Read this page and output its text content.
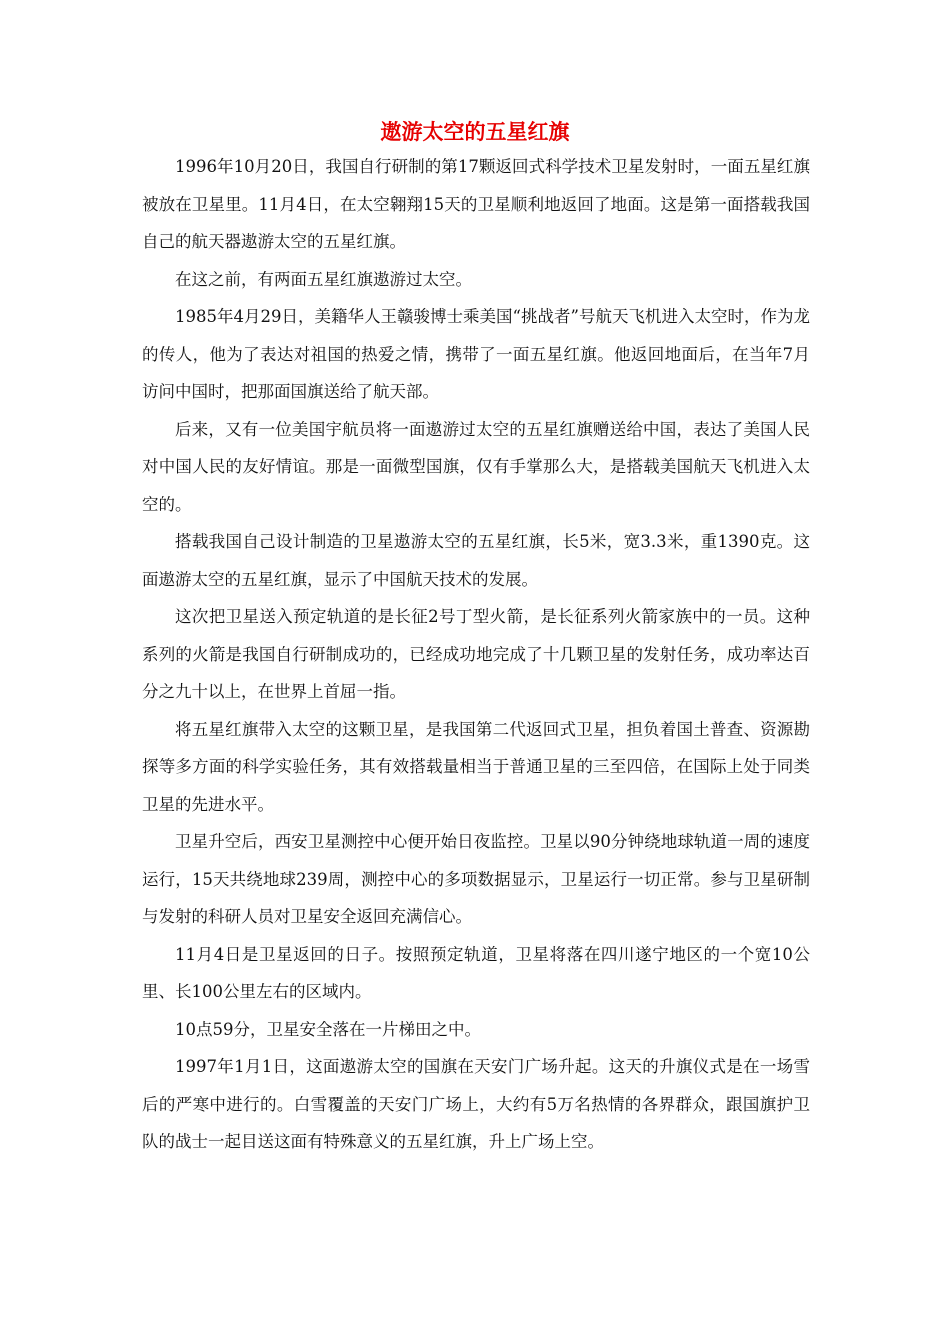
遨游太空的五星红旗

1996年10月20日，我国自行研制的第17颗返回式科学技术卫星发射时，一面五星红旗被放在卫星里。11月4日，在太空翱翔15天的卫星顺利地返回了地面。这是第一面搭载我国自己的航天器遨游太空的五星红旗。

在这之前，有两面五星红旗遨游过太空。

1985年4月29日，美籍华人王赣骏博士乘美国“挑战者”号航天飞机进入太空时，作为龙的传人，他为了表达对祖国的热爱之情，携带了一面五星红旗。他返回地面后，在当年7月访问中国时，把那面国旗送给了航天部。

后来，又有一位美国宇航员将一面遨游过太空的五星红旗赠送给中国，表达了美国人民对中国人民的友好情谊。那是一面微型国旗，仅有手掌那么大，是搭载美国航天飞机进入太空的。

搭载我国自己设计制造的卫星遨游太空的五星红旗，长5米，宽3.3米，重1390克。这面遨游太空的五星红旗，显示了中国航天技术的发展。

这次把卫星送入预定轨道的是长征2号丁型火箭，是长征系列火箭家族中的一员。这种系列的火箭是我国自行研制成功的，已经成功地完成了十几颗卫星的发射任务，成功率达百分之九十以上，在世界上首屈一指。

将五星红旗带入太空的这颗卫星，是我国第二代返回式卫星，担负着国土普查、资源勘探等多方面的科学实验任务，其有效搭载量相当于普通卫星的三至四倍，在国际上处于同类卫星的先进水平。

卫星升空后，西安卫星测控中心便开始日夜监控。卫星以90分钟绕地球轨道一周的速度运行，15天共绕地球239周，测控中心的多项数据显示，卫星运行一切正常。参与卫星研制与发射的科研人员对卫星安全返回充满信心。

11月4日是卫星返回的日子。按照预定轨道，卫星将落在四川遂宁地区的一个宽10公里、长100公里左右的区域内。

10点59分，卫星安全落在一片梯田之中。

1997年1月1日，这面遨游太空的国旗在天安门广场升起。这天的升旗仪式是在一场雪后的严寒中进行的。白雪覆盖的天安门广场上，大约有5万名热情的各界群众，跟国旗护卫队的战士一起目送这面有特殊意义的五星红旗，升上广场上空。
